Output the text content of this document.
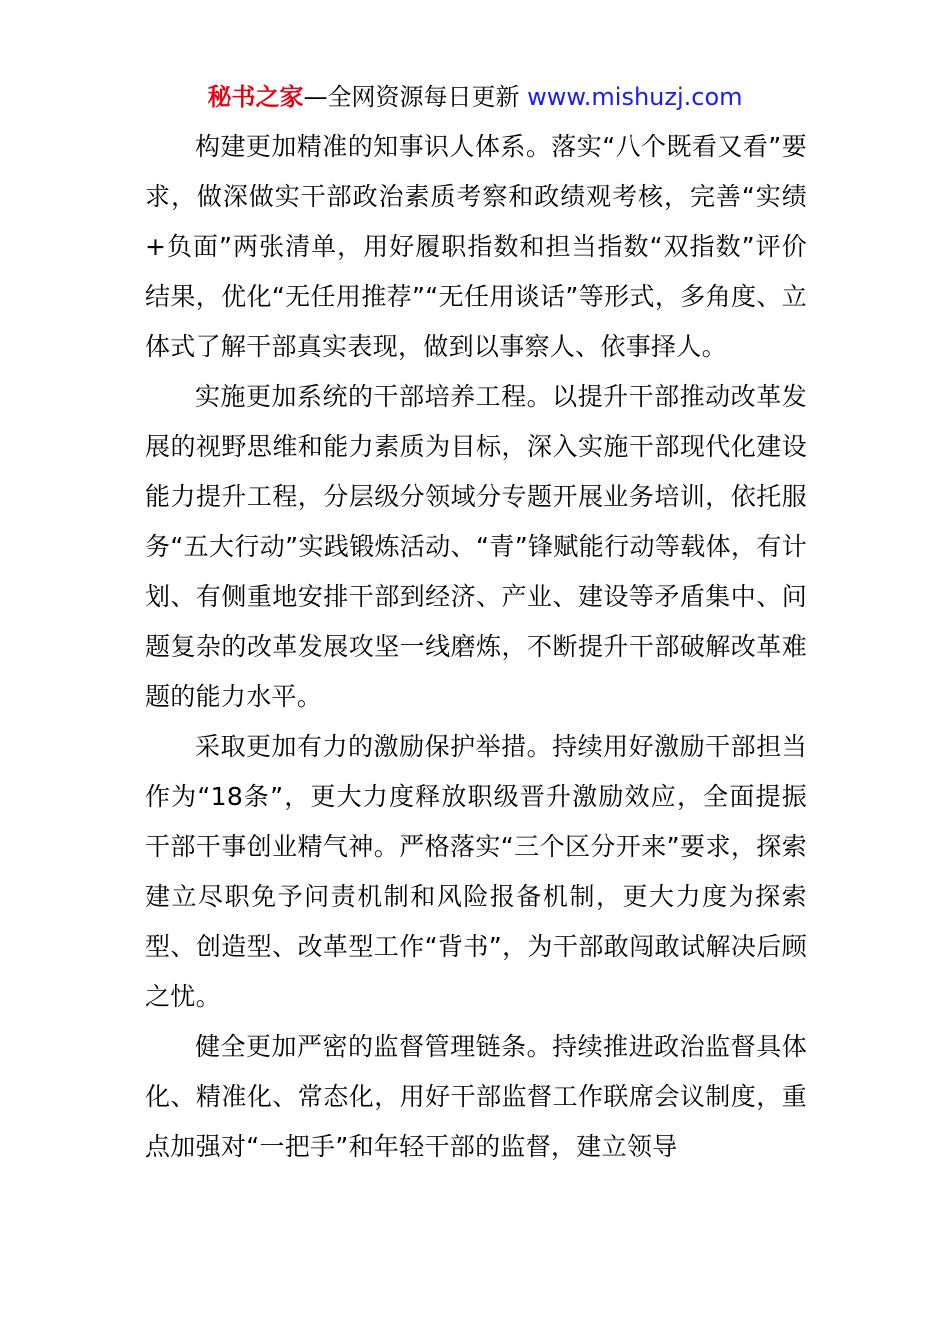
秘书之家—全网资源每日更新 www.mishuzj.com

构建更加精准的知事识人体系。落实“八个既看又看”要求，做深做实干部政治素质考察和政绩观考核，完善“实绩+负面”两张清单，用好履职指数和担当指数“双指数”评价结果，优化“无任用推荐”“无任用谈话”等形式，多角度、立体式了解干部真实表现，做到以事察人、依事择人。

实施更加系统的干部培养工程。以提升干部推动改革发展的视野思维和能力素质为目标，深入实施干部现代化建设能力提升工程，分层级分领域分专题开展业务培训，依托服务“五大行动”实践锻炼活动、“青”锋赋能行动等载体，有计划、有侧重地安排干部到经济、产业、建设等矛盾集中、问题复杂的改革发展攻坚一线磨炼，不断提升干部破解改革难题的能力水平。

采取更加有力的激励保护举措。持续用好激励干部担当作为“18条”，更大力度释放职级晋升激励效应，全面提振干部干事创业精气神。严格落实“三个区分开来”要求，探索建立尽职免予问责机制和风险报备机制，更大力度为探索型、创造型、改革型工作“背书”，为干部敢闯敢试解决后顾之忧。

健全更加严密的监督管理链条。持续推进政治监督具体化、精准化、常态化，用好干部监督工作联席会议制度，重点加强对“一把手”和年轻干部的监督，建立领导
